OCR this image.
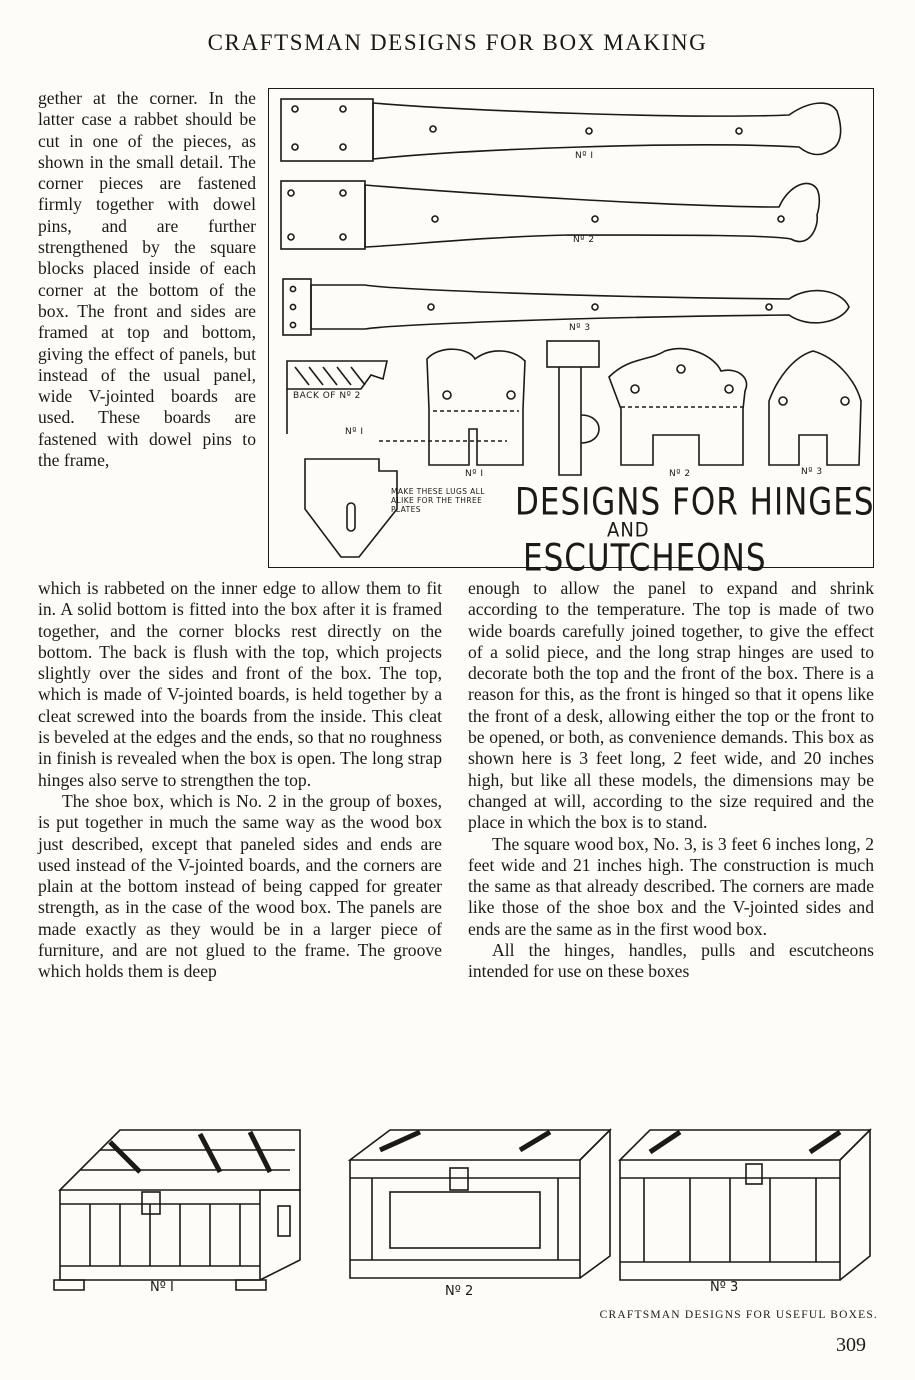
CRAFTSMAN DESIGNS FOR BOX MAKING

gether at the corner. In the latter case a rabbet should be cut in one of the pieces, as shown in the small detail. The corner pieces are fastened firmly together with dowel pins, and are further strengthened by the square blocks placed inside of each corner at the bottom of the box. The front and sides are framed at top and bottom, giving the effect of panels, but instead of the usual panel, wide V-jointed boards are used. These boards are fastened with dowel pins to the frame,

Nº I
Nº 2
Nº 3
BACK OF Nº 2
Nº I
Nº I	Nº 2	Nº 3
MAKE THESE LUGS ALL ALIKE FOR THE THREE PLATES	DESIGNS FOR HINGES
AND
ESCUTCHEONS

which is rabbeted on the inner edge to allow them to fit in. A solid bottom is fitted into the box after it is framed together, and the corner blocks rest directly on the bottom. The back is flush with the top, which projects slightly over the sides and front of the box. The top, which is made of V-jointed boards, is held together by a cleat screwed into the boards from the inside. This cleat is beveled at the edges and the ends, so that no roughness in finish is revealed when the box is open. The long strap hinges also serve to strengthen the top.

The shoe box, which is No. 2 in the group of boxes, is put together in much the same way as the wood box just described, except that paneled sides and ends are used instead of the V-jointed boards, and the corners are plain at the bottom instead of being capped for greater strength, as in the case of the wood box. The panels are made exactly as they would be in a larger piece of furniture, and are not glued to the frame. The groove which holds them is deep

enough to allow the panel to expand and shrink according to the temperature. The top is made of two wide boards carefully joined together, to give the effect of a solid piece, and the long strap hinges are used to decorate both the top and the front of the box. There is a reason for this, as the front is hinged so that it opens like the front of a desk, allowing either the top or the front to be opened, or both, as convenience demands. This box as shown here is 3 feet long, 2 feet wide, and 20 inches high, but like all these models, the dimensions may be changed at will, according to the size required and the place in which the box is to stand.

The square wood box, No. 3, is 3 feet 6 inches long, 2 feet wide and 21 inches high. The construction is much the same as that already described. The corners are made like those of the shoe box and the V-jointed sides and ends are the same as in the first wood box.

All the hinges, handles, pulls and escutcheons intended for use on these boxes

Nº I	Nº 2	Nº 3
CRAFTSMAN DESIGNS FOR USEFUL BOXES.
309
